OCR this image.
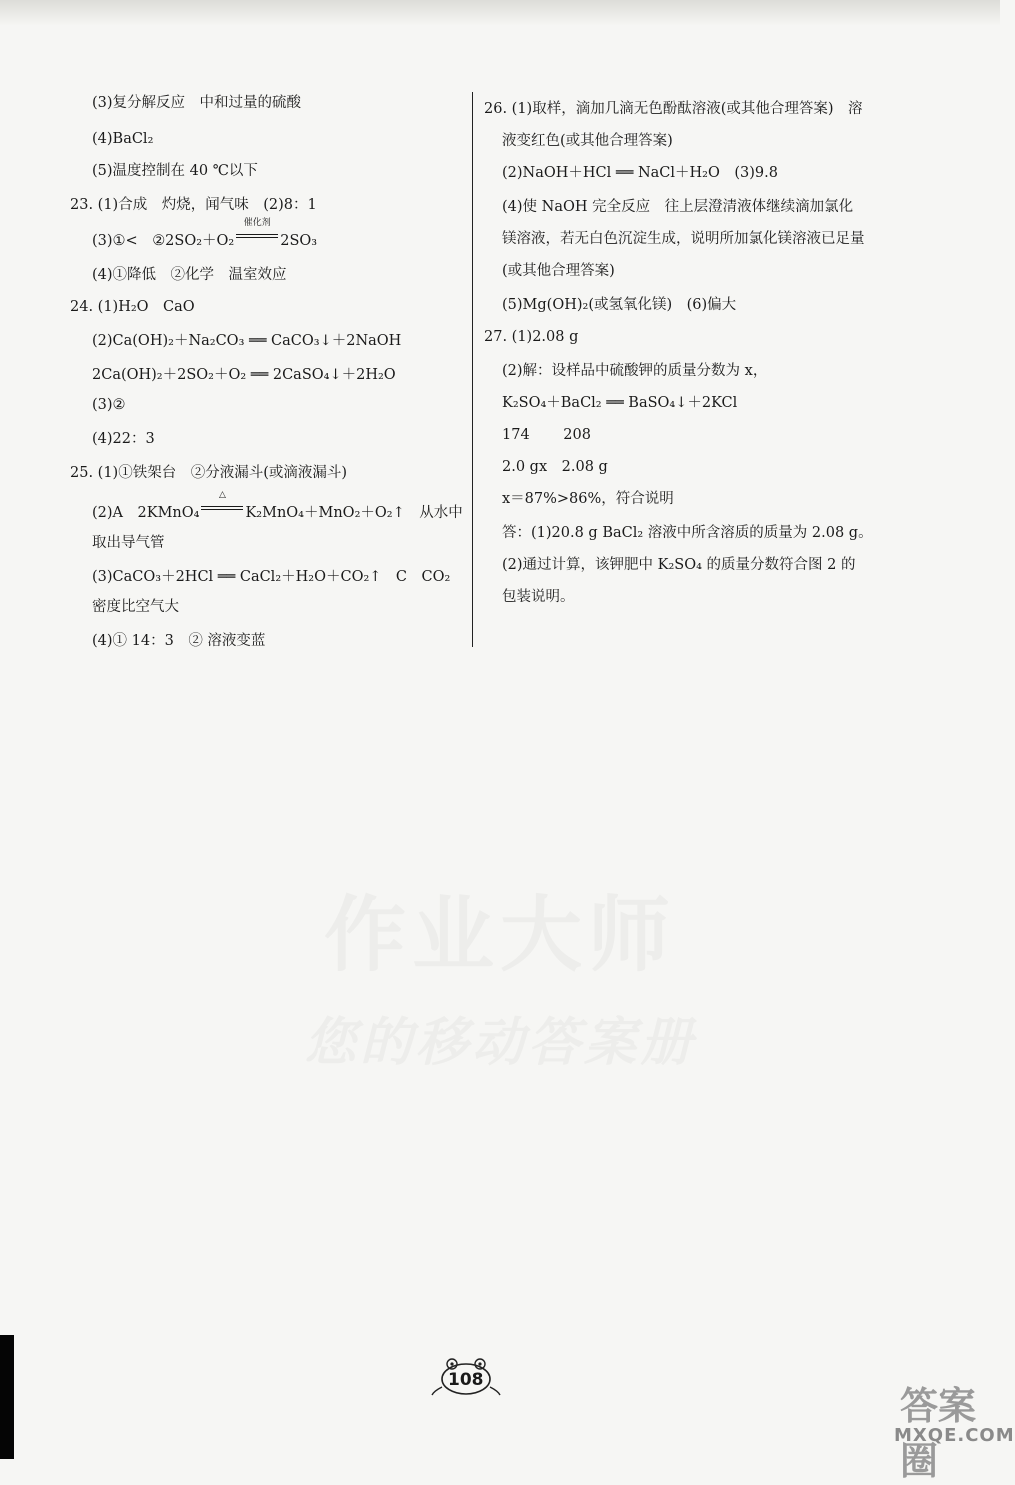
作业大师
您的移动答案册
(3)复分解反应　中和过量的硫酸
(4)BaCl₂
(5)温度控制在 40 ℃以下
23. (1)合成　灼烧，闻气味　(2)8：1
(3)①<　②2SO₂＋O₂
催化剂
2SO₃
(4)①降低　②化学　温室效应
24. (1)H₂O　CaO
(2)Ca(OH)₂＋Na₂CO₃ ══ CaCO₃↓＋2NaOH
2Ca(OH)₂＋2SO₂＋O₂ ══ 2CaSO₄↓＋2H₂O
(3)②
(4)22：3
25. (1)①铁架台　②分液漏斗(或滴液漏斗)
(2)A　2KMnO₄
△
K₂MnO₄＋MnO₂＋O₂↑　从水中
取出导气管
(3)CaCO₃＋2HCl ══ CaCl₂＋H₂O＋CO₂↑　C　CO₂
密度比空气大
(4)① 14：3　② 溶液变蓝
26. (1)取样，滴加几滴无色酚酞溶液(或其他合理答案)　溶
液变红色(或其他合理答案)
(2)NaOH＋HCl ══ NaCl＋H₂O　(3)9.8
(4)使 NaOH 完全反应　往上层澄清液体继续滴加氯化
镁溶液，若无白色沉淀生成，说明所加氯化镁溶液已足量
(或其他合理答案)
(5)Mg(OH)₂(或氢氧化镁)　(6)偏大
27. (1)2.08 g
(2)解：设样品中硫酸钾的质量分数为 x，
K₂SO₄＋BaCl₂ ══ BaSO₄↓＋2KCl
174　　 208
2.0 gx　2.08 g
x＝87%>86%，符合说明
答：(1)20.8 g BaCl₂ 溶液中所含溶质的质量为 2.08 g。
(2)通过计算，该钾肥中 K₂SO₄ 的质量分数符合图 2 的
包装说明。
108
答案圈
MXQE.COM
